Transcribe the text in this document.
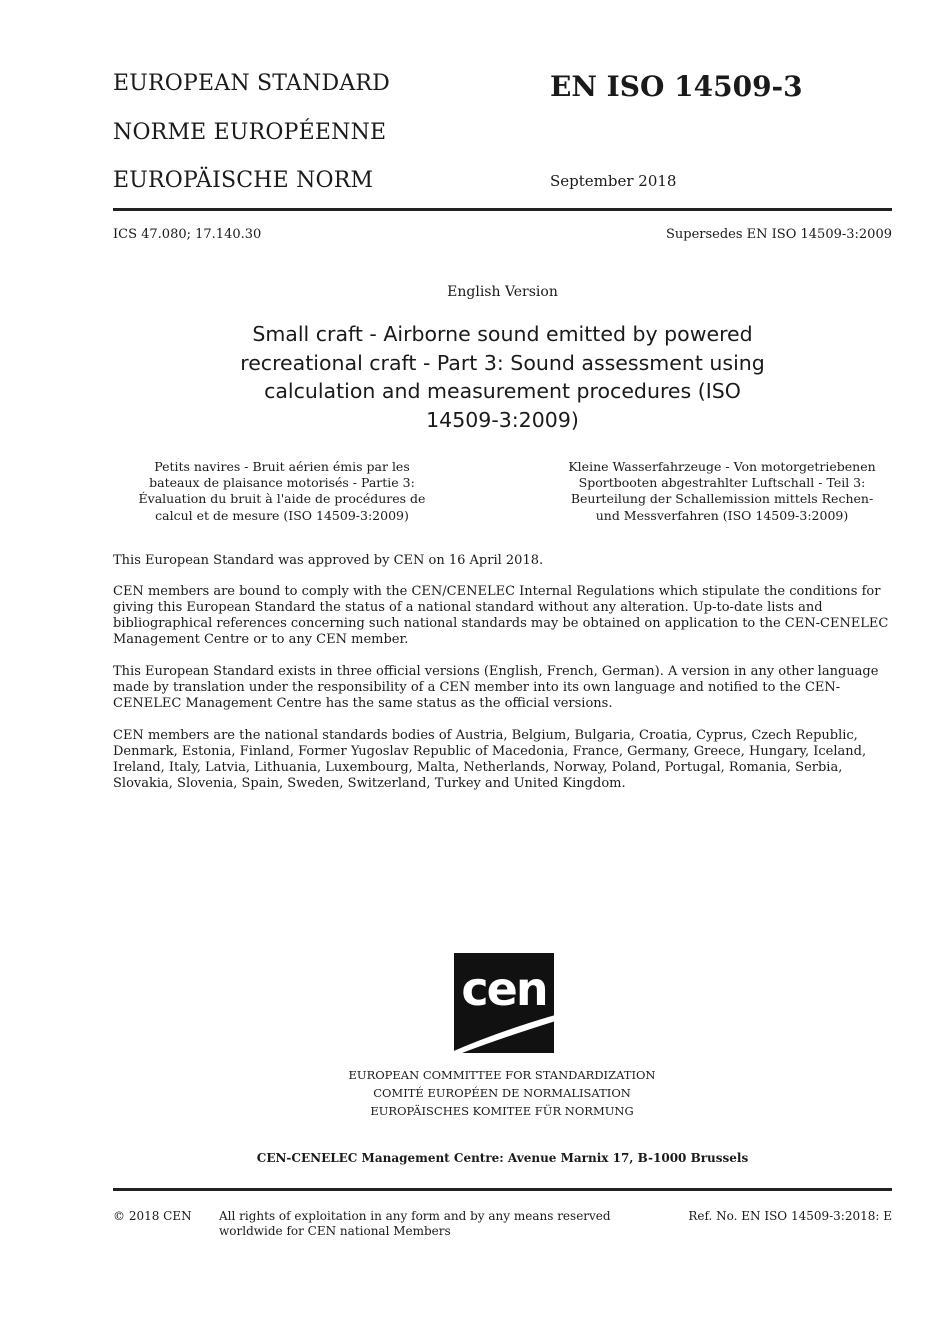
EUROPEAN STANDARD
NORME EUROPÉENNE
EUROPÄISCHE NORM
EN ISO 14509-3
September 2018
ICS 47.080; 17.140.30	Supersedes EN ISO 14509-3:2009
English Version
Small craft - Airborne sound emitted by powered
recreational craft - Part 3: Sound assessment using
calculation and measurement procedures (ISO
14509-3:2009)
Petits navires - Bruit aérien émis par les
bateaux de plaisance motorisés - Partie 3:
Évaluation du bruit à l'aide de procédures de
calcul et de mesure (ISO 14509-3:2009)
Kleine Wasserfahrzeuge - Von motorgetriebenen
Sportbooten abgestrahlter Luftschall - Teil 3:
Beurteilung der Schallemission mittels Rechen-
und Messverfahren (ISO 14509-3:2009)

This European Standard was approved by CEN on 16 April 2018.

CEN members are bound to comply with the CEN/CENELEC Internal Regulations which stipulate the conditions for giving this European Standard the status of a national standard without any alteration. Up-to-date lists and bibliographical references concerning such national standards may be obtained on application to the CEN-CENELEC Management Centre or to any CEN member.

This European Standard exists in three official versions (English, French, German). A version in any other language made by translation under the responsibility of a CEN member into its own language and notified to the CEN-CENELEC Management Centre has the same status as the official versions.

CEN members are the national standards bodies of Austria, Belgium, Bulgaria, Croatia, Cyprus, Czech Republic, Denmark, Estonia, Finland, Former Yugoslav Republic of Macedonia, France, Germany, Greece, Hungary, Iceland, Ireland, Italy, Latvia, Lithuania, Luxembourg, Malta, Netherlands, Norway, Poland, Portugal, Romania, Serbia, Slovakia, Slovenia, Spain, Sweden, Switzerland, Turkey and United Kingdom.

cen
EUROPEAN COMMITTEE FOR STANDARDIZATION
COMITÉ EUROPÉEN DE NORMALISATION
EUROPÄISCHES KOMITEE FÜR NORMUNG
CEN-CENELEC Management Centre: Avenue Marnix 17, B-1000 Brussels
© 2018 CEN All rights of exploitation in any form and by any means reserved
worldwide for CEN national Members
Ref. No. EN ISO 14509-3:2018: E
